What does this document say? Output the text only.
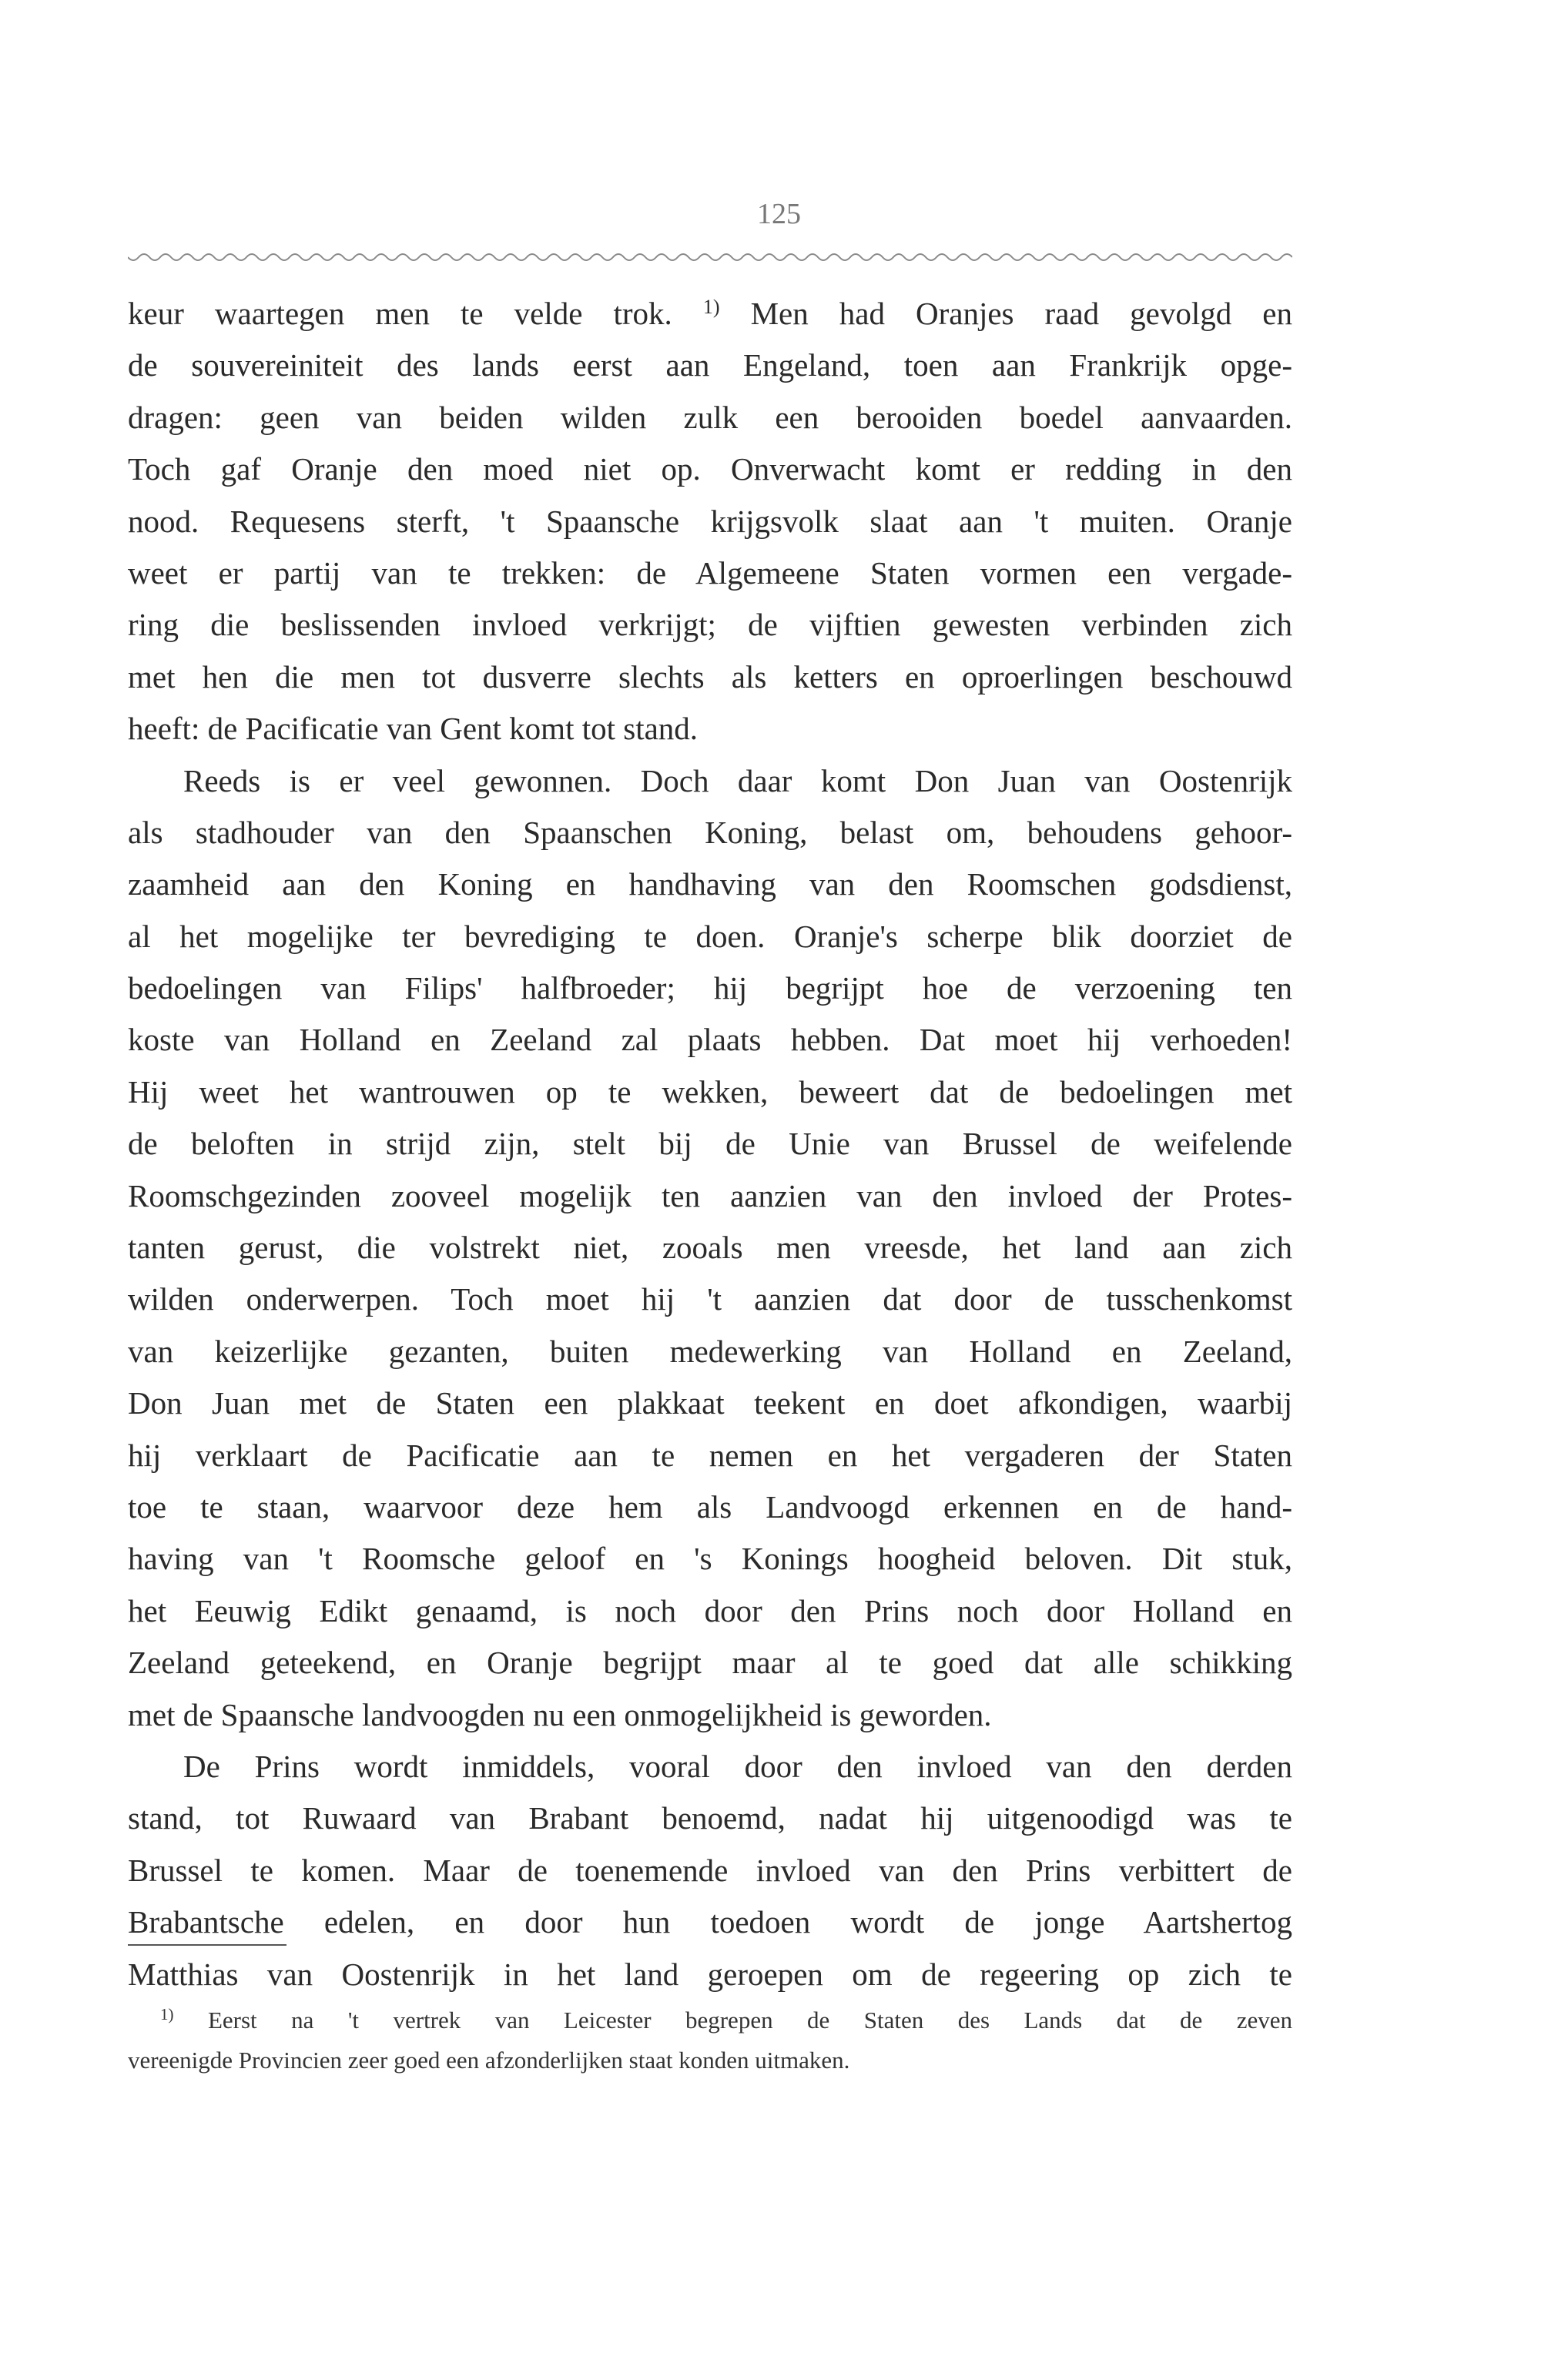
125
keur waartegen men te velde trok. $^{1)}$ Men had Oranjes raad gevolgd en
de souvereiniteit des lands eerst aan Engeland, toen aan Frankrijk opge-
dragen: geen van beiden wilden zulk een berooiden boedel aanvaarden.
Toch gaf Oranje den moed niet op. Onverwacht komt er redding in den
nood. Requesens sterft, 't Spaansche krijgsvolk slaat aan 't muiten. Oranje
weet er partij van te trekken: de Algemeene Staten vormen een vergade-
ring die beslissenden invloed verkrijgt; de vijftien gewesten verbinden zich
met hen die men tot dusverre slechts als ketters en oproerlingen beschouwd
heeft: de Pacificatie van Gent komt tot stand.
Reeds is er veel gewonnen. Doch daar komt Don Juan van Oostenrijk
als stadhouder van den Spaanschen Koning, belast om, behoudens gehoor-
zaamheid aan den Koning en handhaving van den Roomschen godsdienst,
al het mogelijke ter bevrediging te doen. Oranje's scherpe blik doorziet de
bedoelingen van Filips' halfbroeder; hij begrijpt hoe de verzoening ten
koste van Holland en Zeeland zal plaats hebben. Dat moet hij verhoeden!
Hij weet het wantrouwen op te wekken, beweert dat de bedoelingen met
de beloften in strijd zijn, stelt bij de Unie van Brussel de weifelende
Roomschgezinden zooveel mogelijk ten aanzien van den invloed der Protes-
tanten gerust, die volstrekt niet, zooals men vreesde, het land aan zich
wilden onderwerpen. Toch moet hij 't aanzien dat door de tusschenkomst
van keizerlijke gezanten, buiten medewerking van Holland en Zeeland,
Don Juan met de Staten een plakkaat teekent en doet afkondigen, waarbij
hij verklaart de Pacificatie aan te nemen en het vergaderen der Staten
toe te staan, waarvoor deze hem als Landvoogd erkennen en de hand-
having van 't Roomsche geloof en 's Konings hoogheid beloven. Dit stuk,
het Eeuwig Edikt genaamd, is noch door den Prins noch door Holland en
Zeeland geteekend, en Oranje begrijpt maar al te goed dat alle schikking
met de Spaansche landvoogden nu een onmogelijkheid is geworden.
De Prins wordt inmiddels, vooral door den invloed van den derden
stand, tot Ruwaard van Brabant benoemd, nadat hij uitgenoodigd was te
Brussel te komen. Maar de toenemende invloed van den Prins verbittert de
Brabantsche edelen, en door hun toedoen wordt de jonge Aartshertog
Matthias van Oostenrijk in het land geroepen om de regeering op zich te
$^{1)}$ Eerst na 't vertrek van Leicester begrepen de Staten des Lands dat de zeven
vereenigde Provincien zeer goed een afzonderlijken staat konden uitmaken.
